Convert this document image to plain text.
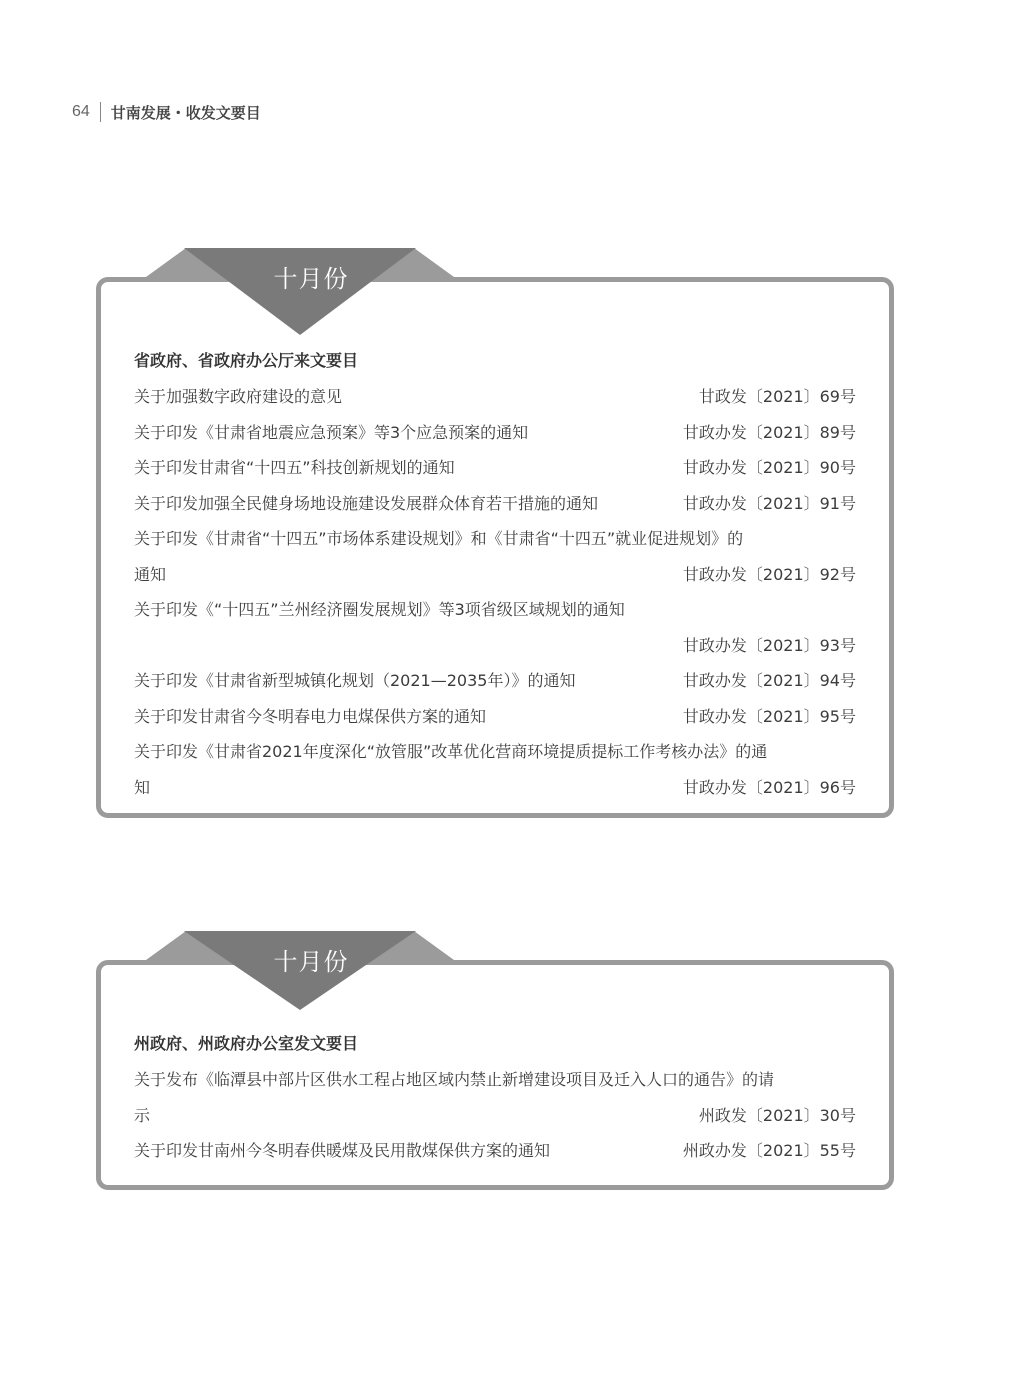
64 甘南发展・收发文要目
十月份
省政府、省政府办公厅来文要目
关于加强数字政府建设的意见	甘政发〔2021〕69号
关于印发《甘肃省地震应急预案》等3个应急预案的通知	甘政办发〔2021〕89号
关于印发甘肃省“十四五”科技创新规划的通知	甘政办发〔2021〕90号
关于印发加强全民健身场地设施建设发展群众体育若干措施的通知	甘政办发〔2021〕91号
关于印发《甘肃省“十四五”市场体系建设规划》和《甘肃省“十四五”就业促进规划》的
通知	甘政办发〔2021〕92号
关于印发《“十四五”兰州经济圈发展规划》等3项省级区域规划的通知
甘政办发〔2021〕93号
关于印发《甘肃省新型城镇化规划（2021—2035年）》的通知	甘政办发〔2021〕94号
关于印发甘肃省今冬明春电力电煤保供方案的通知	甘政办发〔2021〕95号
关于印发《甘肃省2021年度深化“放管服”改革优化营商环境提质提标工作考核办法》的通
知	甘政办发〔2021〕96号
十月份
州政府、州政府办公室发文要目
关于发布《临潭县中部片区供水工程占地区域内禁止新增建设项目及迁入人口的通告》的请
示	州政发〔2021〕30号
关于印发甘南州今冬明春供暖煤及民用散煤保供方案的通知	州政办发〔2021〕55号
